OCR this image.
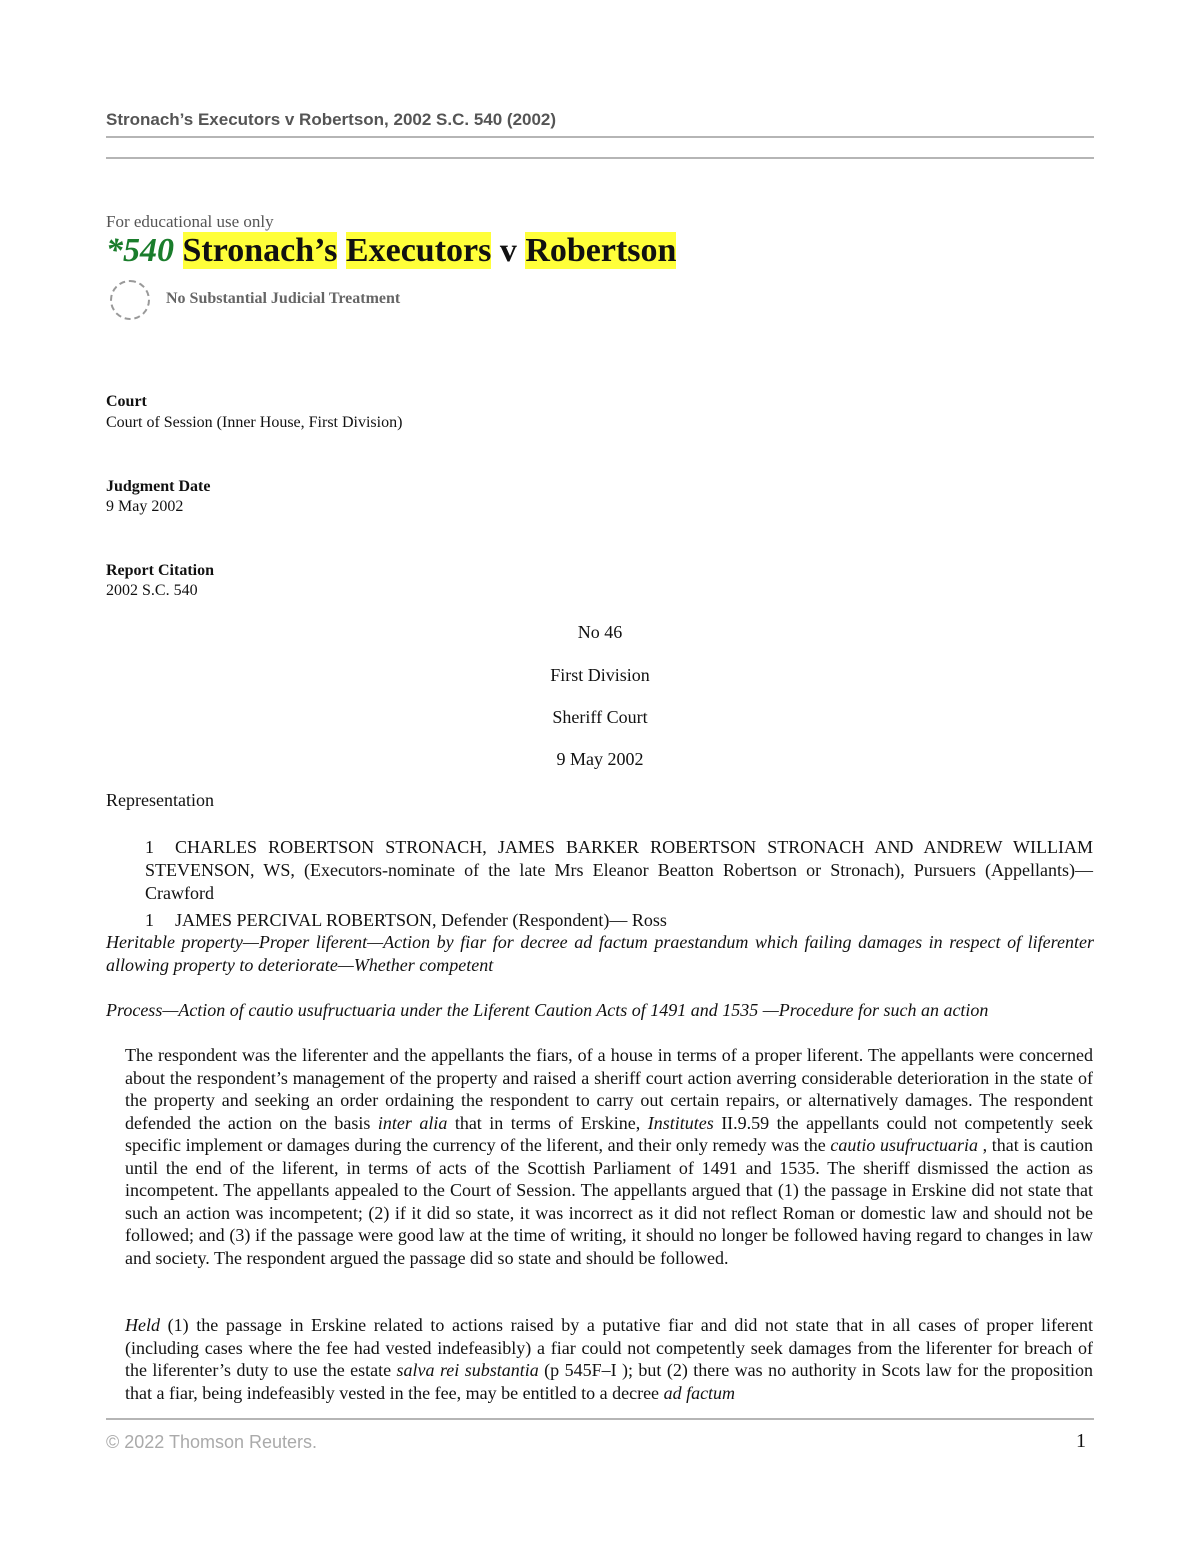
Stronach’s Executors v Robertson, 2002 S.C. 540 (2002)
For educational use only
*540 Stronach’s Executors v Robertson
No Substantial Judicial Treatment
Court
Court of Session (Inner House, First Division)
Judgment Date
9 May 2002
Report Citation
2002 S.C. 540
No 46
First Division
Sheriff Court
9 May 2002
Representation
1 CHARLES ROBERTSON STRONACH, JAMES BARKER ROBERTSON STRONACH AND ANDREW WILLIAM STEVENSON, WS, (Executors-nominate of the late Mrs Eleanor Beatton Robertson or Stronach), Pursuers (Appellants)— Crawford
1 JAMES PERCIVAL ROBERTSON, Defender (Respondent)— Ross
Heritable property—Proper liferent—Action by fiar for decree ad factum praestandum which failing damages in respect of liferenter allowing property to deteriorate—Whether competent
Process—Action of cautio usufructuaria under the Liferent Caution Acts of 1491 and 1535 —Procedure for such an action
The respondent was the liferenter and the appellants the fiars, of a house in terms of a proper liferent. The appellants were concerned about the respondent’s management of the property and raised a sheriff court action averring considerable deterioration in the state of the property and seeking an order ordaining the respondent to carry out certain repairs, or alternatively damages. The respondent defended the action on the basis inter alia that in terms of Erskine, Institutes II.9.59 the appellants could not competently seek specific implement or damages during the currency of the liferent, and their only remedy was the cautio usufructuaria , that is caution until the end of the liferent, in terms of acts of the Scottish Parliament of 1491 and 1535. The sheriff dismissed the action as incompetent. The appellants appealed to the Court of Session. The appellants argued that (1) the passage in Erskine did not state that such an action was incompetent; (2) if it did so state, it was incorrect as it did not reflect Roman or domestic law and should not be followed; and (3) if the passage were good law at the time of writing, it should no longer be followed having regard to changes in law and society. The respondent argued the passage did so state and should be followed.
Held (1) the passage in Erskine related to actions raised by a putative fiar and did not state that in all cases of proper liferent (including cases where the fee had vested indefeasibly) a fiar could not competently seek damages from the liferenter for breach of the liferenter’s duty to use the estate salva rei substantia (p 545F–I ); but (2) there was no authority in Scots law for the proposition that a fiar, being indefeasibly vested in the fee, may be entitled to a decree ad factum
© 2022 Thomson Reuters.	1
